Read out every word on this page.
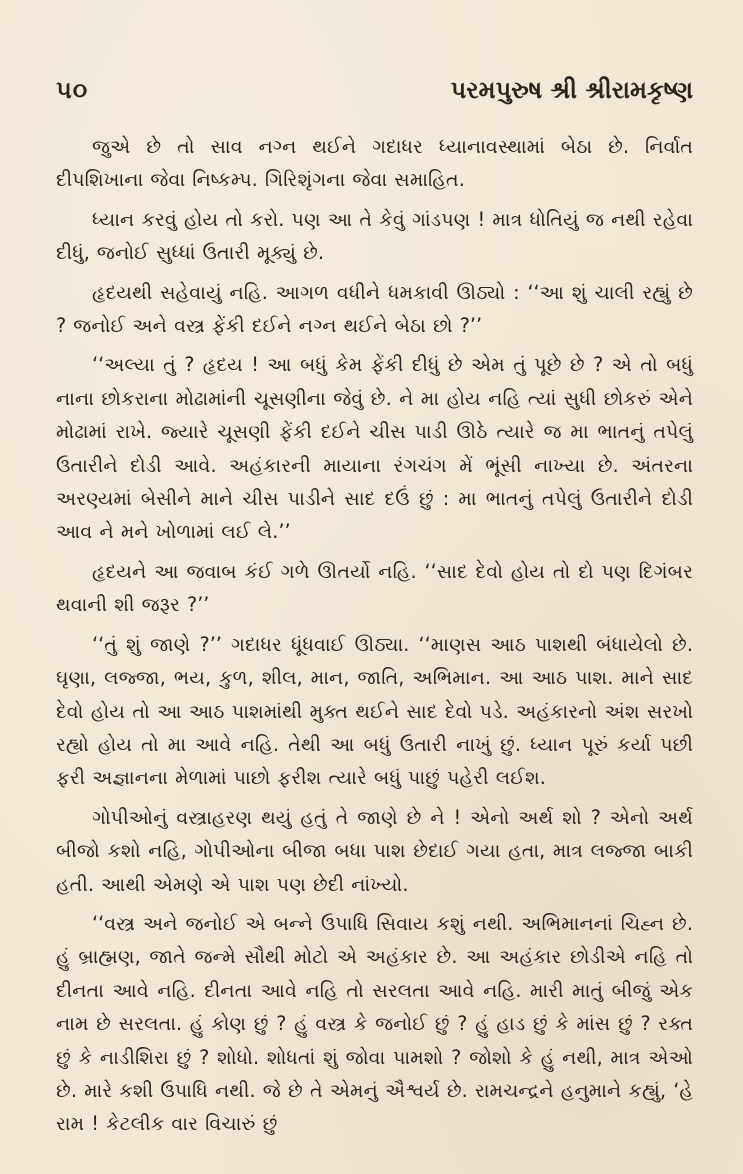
૫૦	પરમપુરુષ શ્રી શ્રીરામકૃષ્ણ

જુએ છે તો સાવ નગ્ન થઈને ગદાધર ધ્યાનાવસ્થામાં બેઠા છે. નિર્વાત દીપશિખાના જેવા નિષ્કમ્પ. ગિરિશૃંગના જેવા સમાહિત.

ધ્યાન કરવું હોય તો કરો. પણ આ તે કેવું ગાંડપણ ! માત્ર ધોતિયું જ નથી રહેવા દીધું, જનોઈ સુધ્ધાં ઉતારી મૂક્યું છે.

હૃદયથી સહેવાયું નહિ. આગળ વધીને ધમકાવી ઊઠ્યો : ‘‘આ શું ચાલી રહ્યું છે ? જનોઈ અને વસ્ત્ર ફેંકી દઈને નગ્ન થઈને બેઠા છો ?’’

‘‘અલ્યા તું ? હૃદય ! આ બધું કેમ ફેંકી દીધું છે એમ તું પૂછે છે ? એ તો બધું નાના છોકરાના મોઢામાંની ચૂસણીના જેવું છે. ને મા હોય નહિ ત્યાં સુધી છોકરું એને મોઢામાં રાખે. જ્યારે ચૂસણી ફેંકી દઈને ચીસ પાડી ઊઠે ત્યારે જ મા ભાતનું તપેલું ઉતારીને દોડી આવે. અહંકારની માયાના રંગચંગ મેં ભૂંસી નાખ્યા છે. અંતરના અરણ્યમાં બેસીને માને ચીસ પાડીને સાદ દઉં છું : મા ભાતનું તપેલું ઉતારીને દોડી આવ ને મને ખોળામાં લઈ લે.’’

હૃદયને આ જવાબ કંઈ ગળે ઊતર્યો નહિ. ‘‘સાદ દેવો હોય તો દો પણ દિગંબર થવાની શી જરૂર ?’’

‘‘તું શું જાણે ?’’ ગદાધર ધૂંધવાઈ ઊઠ્યા. ‘‘માણસ આઠ પાશથી બંધાયેલો છે. ઘૃણા, લજ્જા, ભય, કુળ, શીલ, માન, જાતિ, અભિમાન. આ આઠ પાશ. માને સાદ દેવો હોય તો આ આઠ પાશમાંથી મુક્ત થઈને સાદ દેવો પડે. અહંકારનો અંશ સરખો રહ્યો હોય તો મા આવે નહિ. તેથી આ બધું ઉતારી નાખું છું. ધ્યાન પૂરું કર્યા પછી ફરી અજ્ઞાનના મેળામાં પાછો ફરીશ ત્યારે બધું પાછું પહેરી લઈશ.

ગોપીઓનું વસ્ત્રાહરણ થયું હતું તે જાણે છે ને ! એનો અર્થ શો ? એનો અર્થ બીજો કશો નહિ, ગોપીઓના બીજા બધા પાશ છેદાઈ ગયા હતા, માત્ર લજ્જા બાકી હતી. આથી એમણે એ પાશ પણ છેદી નાંખ્યો.

‘‘વસ્ત્ર અને જનોઈ એ બન્ને ઉપાધિ સિવાય કશું નથી. અભિમાનનાં ચિહ્ન છે. હું બ્રાહ્મણ, જાતે જન્મે સૌથી મોટો એ અહંકાર છે. આ અહંકાર છોડીએ નહિ તો દીનતા આવે નહિ. દીનતા આવે નહિ તો સરલતા આવે નહિ. મારી માતું બીજું એક નામ છે સરલતા. હું કોણ છું ? હું વસ્ત્ર કે જનોઈ છું ? હું હાડ છું કે માંસ છું ? રક્ત છું કે નાડીશિરા છું ? શોધો. શોધતાં શું જોવા પામશો ? જોશો કે હું નથી, માત્ર એઓ છે. મારે કશી ઉપાધિ નથી. જે છે તે એમનું ઐશ્વર્ય છે. રામચન્દ્રને હનુમાને કહ્યું, ‘હે રામ ! કેટલીક વાર વિચારું છું
